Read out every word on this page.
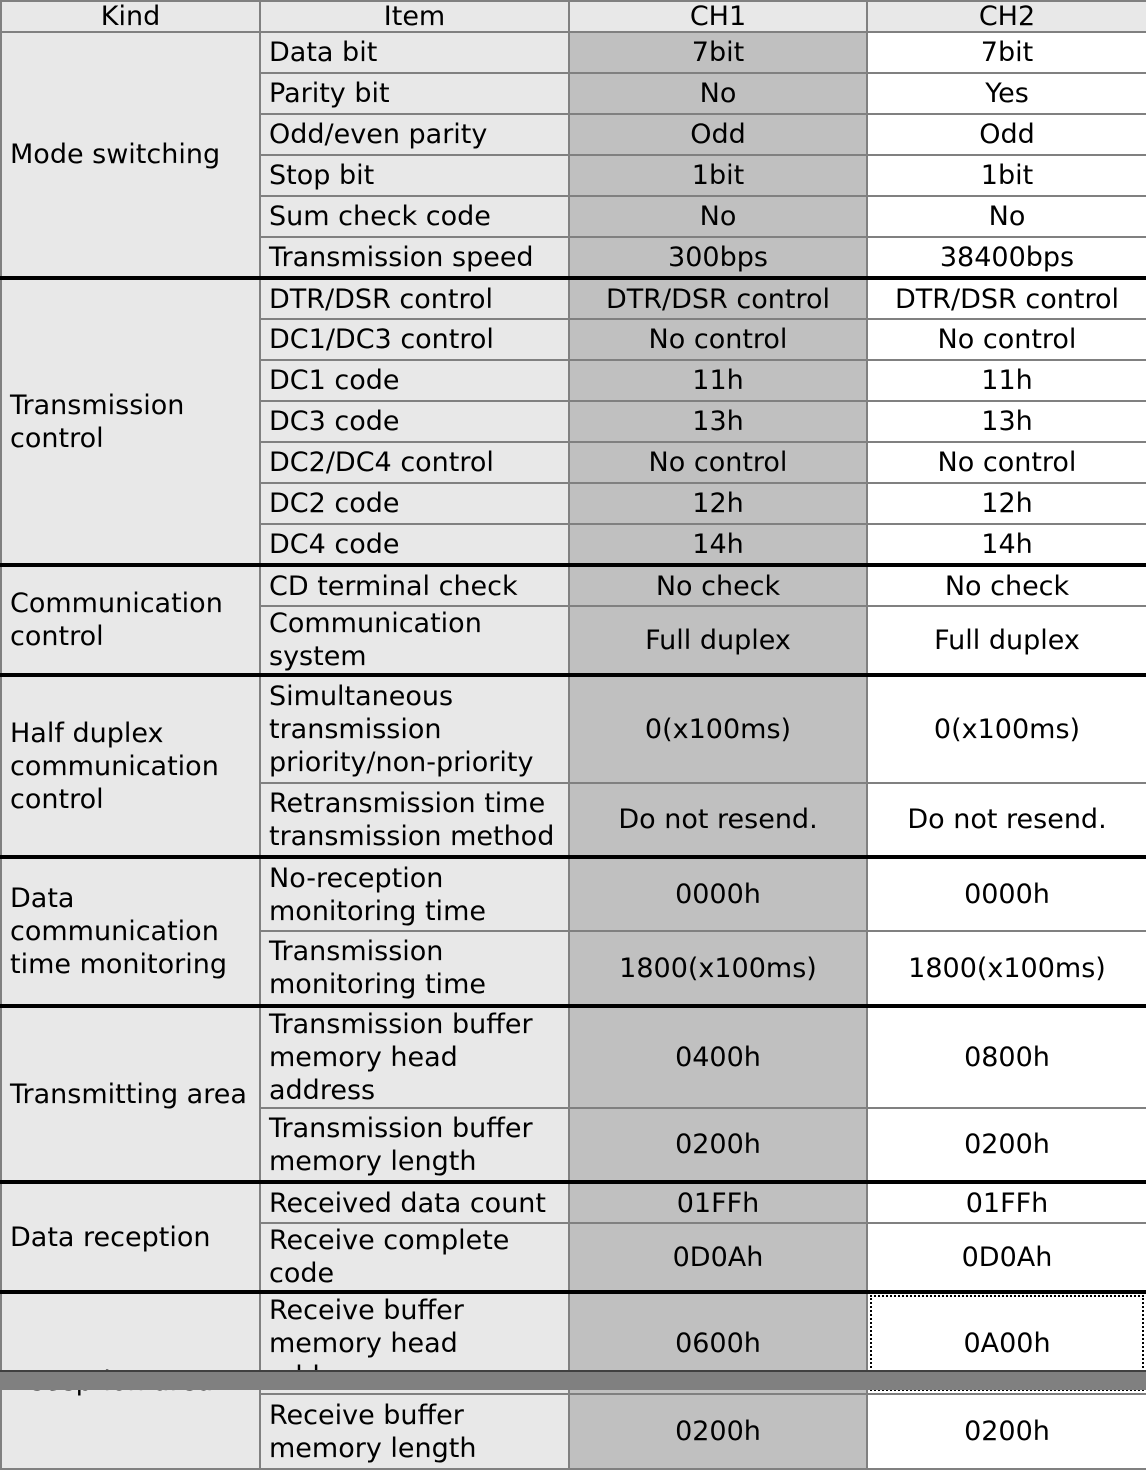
Kind	Item	CH1	CH2
Mode switching	Data bit	7bit	7bit
	Parity bit	No	Yes
	Odd/even parity	Odd	Odd
	Stop bit	1bit	1bit
	Sum check code	No	No
	Transmission speed	300bps	38400bps
Transmission control	DTR/DSR control	DTR/DSR control	DTR/DSR control
	DC1/DC3 control	No control	No control
	DC1 code	11h	11h
	DC3 code	13h	13h
	DC2/DC4 control	No control	No control
	DC2 code	12h	12h
	DC4 code	14h	14h
Communication control	CD terminal check	No check	No check
	Communication system	Full duplex	Full duplex
Half duplex communication control	Simultaneous transmission priority/non-priority	0(x100ms)	0(x100ms)
	Retransmission time transmission method	Do not resend.	Do not resend.
Data communication time monitoring	No-reception monitoring time	0000h	0000h
	Transmission monitoring time	1800(x100ms)	1800(x100ms)
Transmitting area	Transmission buffer memory head address	0400h	0800h
	Transmission buffer memory length	0200h	0200h
Data reception	Received data count	01FFh	01FFh
	Receive complete code	0D0Ah	0D0Ah
	Receive buffer memory head	0600h	0A00h
	Receive buffer memory length	0200h	0200h
